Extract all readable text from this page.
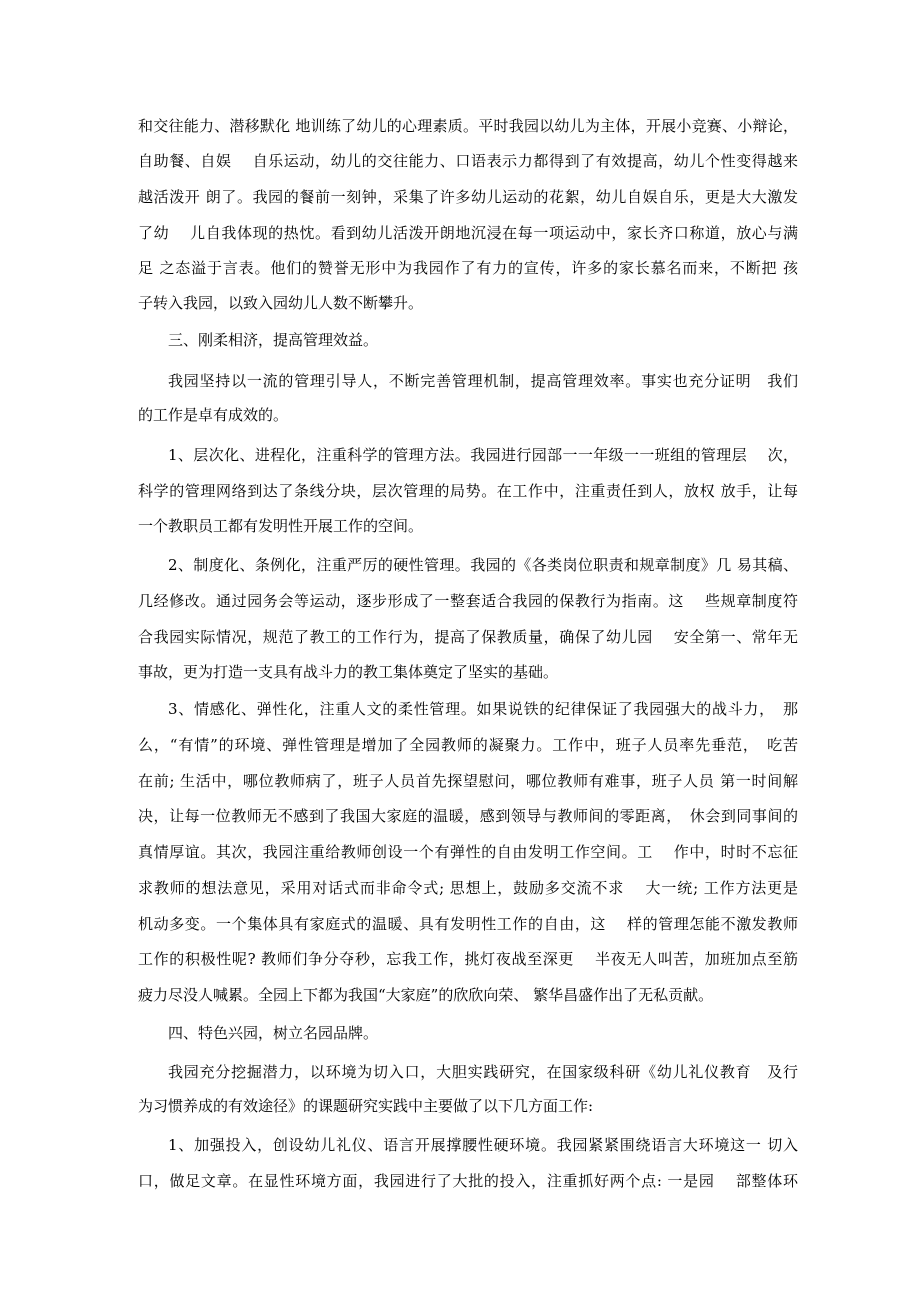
和交往能力、潜移默化 地训练了幼儿的心理素质。平时我园以幼儿为主体，开展小竞赛、小辩论，
自助餐、自娱　 自乐运动，幼儿的交往能力、口语表示力都得到了有效提高，幼儿个性变得越来
越活泼开 朗了。我园的餐前一刻钟，采集了许多幼儿运动的花絮，幼儿自娱自乐，更是大大激发
了幼　 儿自我体现的热忱。看到幼儿活泼开朗地沉浸在每一项运动中，家长齐口称道，放心与满
足 之态溢于言表。他们的赞誉无形中为我园作了有力的宣传，许多的家长慕名而来，不断把 孩
子转入我园，以致入园幼儿人数不断攀升。
三、刚柔相济，提高管理效益。
我园坚持以一流的管理引导人，不断完善管理机制，提高管理效率。事实也充分证明　我们
的工作是卓有成效的。
1、层次化、进程化，注重科学的管理方法。我园进行园部一一年级一一班组的管理层　 次，
科学的管理网络到达了条线分块，层次管理的局势。在工作中，注重责任到人，放权 放手，让每
一个教职员工都有发明性开展工作的空间。
2、制度化、条例化，注重严厉的硬性管理。我园的《各类岗位职责和规章制度》几 易其稿、
几经修改。通过园务会等运动，逐步形成了一整套适合我园的保教行为指南。这　 些规章制度符
合我园实际情况，规范了教工的工作行为，提高了保教质量，确保了幼儿园　 安全第一、常年无
事故，更为打造一支具有战斗力的教工集体奠定了坚实的基础。
3、情感化、弹性化，注重人文的柔性管理。如果说铁的纪律保证了我园强大的战斗力，　那
么，“有情”的环境、弹性管理是增加了全园教师的凝聚力。工作中，班子人员率先垂范，　吃苦
在前; 生活中，哪位教师病了，班子人员首先探望慰问，哪位教师有难事，班子人员 第一时间解
决，让每一位教师无不感到了我国大家庭的温暖，感到领导与教师间的零距离，　休会到同事间的
真情厚谊。其次，我园注重给教师创设一个有弹性的自由发明工作空间。工　 作中，时时不忘征
求教师的想法意见，采用对话式而非命令式; 思想上，鼓励多交流不求　 大一统; 工作方法更是
机动多变。一个集体具有家庭式的温暖、具有发明性工作的自由，这　 样的管理怎能不激发教师
工作的积极性呢? 教师们争分夺秒，忘我工作，挑灯夜战至深更　 半夜无人叫苦，加班加点至筋
疲力尽没人喊累。全园上下都为我国“大家庭”的欣欣向荣、 繁华昌盛作出了无私贡献。
四、特色兴园，树立名园品牌。
我园充分挖掘潜力，以环境为切入口，大胆实践研究，在国家级科研《幼儿礼仪教育　及行
为习惯养成的有效途径》的课题研究实践中主要做了以下几方面工作:
1、加强投入，创设幼儿礼仪、语言开展撑腰性硬环境。我园紧紧围绕语言大环境这一 切入
口，做足文章。在显性环境方面，我园进行了大批的投入，注重抓好两个点: 一是园　 部整体环
